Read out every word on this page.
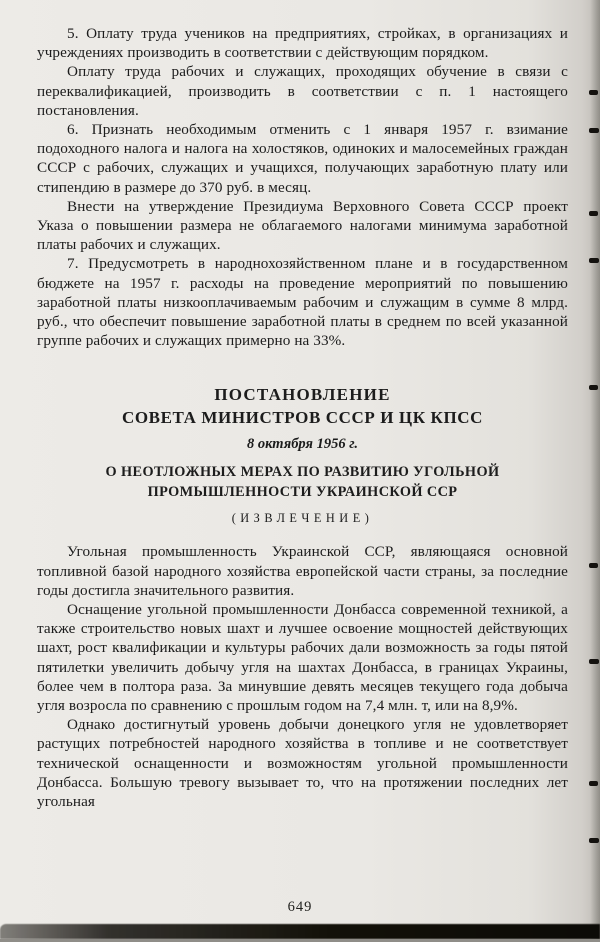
5. Оплату труда учеников на предприятиях, стройках, в организациях и учреждениях производить в соответствии с действующим порядком.

Оплату труда рабочих и служащих, проходящих обучение в связи с переквалификацией, производить в соответствии с п. 1 настоящего постановления.

6. Признать необходимым отменить с 1 января 1957 г. взимание подоходного налога и налога на холостяков, одиноких и малосемейных граждан СССР с рабочих, служащих и учащихся, получающих заработную плату или стипендию в размере до 370 руб. в месяц.

Внести на утверждение Президиума Верховного Совета СССР проект Указа о повышении размера не облагаемого налогами минимума заработной платы рабочих и служащих.

7. Предусмотреть в народнохозяйственном плане и в государственном бюджете на 1957 г. расходы на проведение мероприятий по повышению заработной платы низкооплачиваемым рабочим и служащим в сумме 8 млрд. руб., что обеспечит повышение заработной платы в среднем по всей указанной группе рабочих и служащих примерно на 33%.

ПОСТАНОВЛЕНИЕ
СОВЕТА МИНИСТРОВ СССР И ЦК КПСС
8 октября 1956 г.
О НЕОТЛОЖНЫХ МЕРАХ ПО РАЗВИТИЮ УГОЛЬНОЙ ПРОМЫШЛЕННОСТИ УКРАИНСКОЙ ССР
(ИЗВЛЕЧЕНИЕ)

Угольная промышленность Украинской ССР, являющаяся основной топливной базой народного хозяйства европейской части страны, за последние годы достигла значительного развития.

Оснащение угольной промышленности Донбасса современной техникой, а также строительство новых шахт и лучшее освоение мощностей действующих шахт, рост квалификации и культуры рабочих дали возможность за годы пятой пятилетки увеличить добычу угля на шахтах Донбасса, в границах Украины, более чем в полтора раза. За минувшие девять месяцев текущего года добыча угля возросла по сравнению с прошлым годом на 7,4 млн. т, или на 8,9%.

Однако достигнутый уровень добычи донецкого угля не удовлетворяет растущих потребностей народного хозяйства в топливе и не соответствует технической оснащенности и возможностям угольной промышленности Донбасса. Большую тревогу вызывает то, что на протяжении последних лет угольная

649
